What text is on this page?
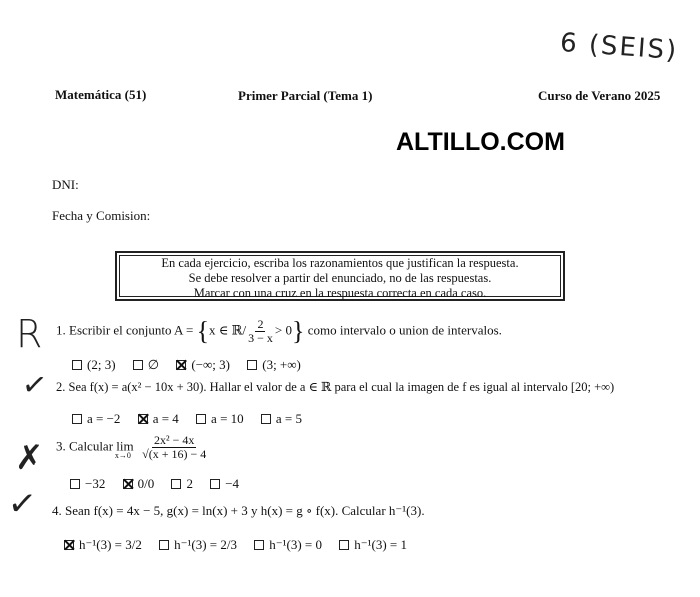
6 (SEIS)
Matemática (51)	Primer Parcial (Tema 1)	Curso de Verano 2025
ALTILLO.COM
DNI:
Fecha y Comision:
En cada ejercicio, escriba los razonamientos que justifican la respuesta.
Se debe resolver a partir del enunciado, no de las respuestas.
Marcar con una cruz en la respuesta correcta en cada caso.
R
✓
✗
✓
1. Escribir el conjunto A = {x ∈ ℝ/ $\frac{2}{3 - x} > 0$} como intervalo o union de intervalos.
(2; 3)
∅
(−∞; 3)
(3; +∞)
2. Sea f(x) = a(x² − 10x + 30). Hallar el valor de a ∈ ℝ para el cual la imagen de f es igual al intervalo [20; +∞)
a = −2
a = 4
a = 10
a = 5
3. Calcular $\lim _{x\to 0} \frac{\text{2x² − 4x}}{√(x + 16) - 4}$
−32
0/0
2
−4
4. Sean f(x) = 4x − 5, g(x) = ln(x) + 3 y h(x) = g ∘ f(x). Calcular h⁻¹(3).
h⁻¹(3) = 3/2
h⁻¹(3) = 2/3
h⁻¹(3) = 0
h⁻¹(3) = 1
